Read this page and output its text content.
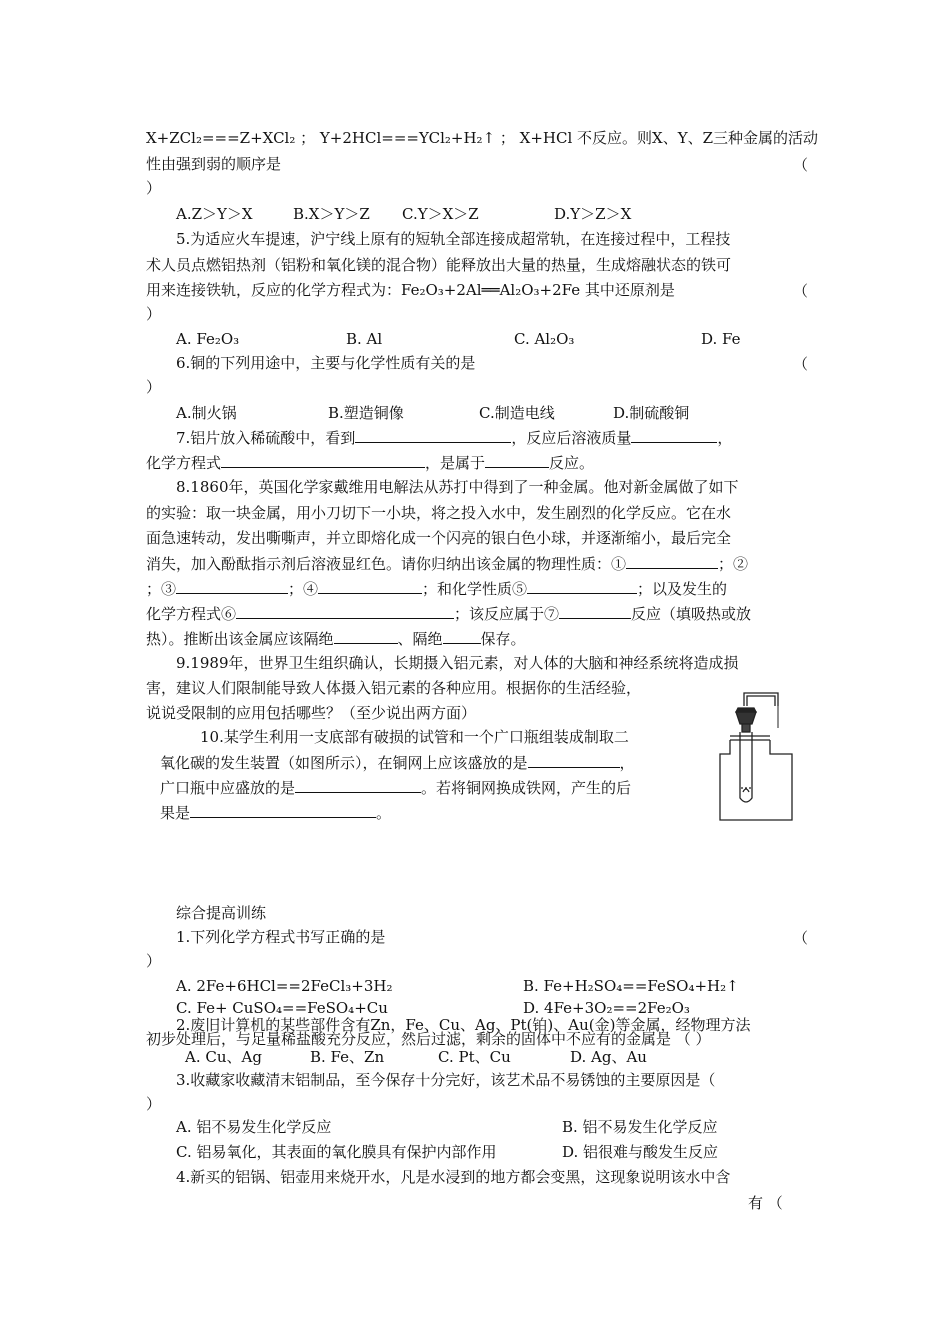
X+ZCl₂===Z+XCl₂ ； Y+2HCl===YCl₂+H₂↑ ； X+HCl 不反应。则X、Y、Z三种金属的活动
性由强到弱的顺序是	（
）
A.Z＞Y＞X	B.X＞Y＞Z C.Y＞X＞Z	D.Y＞Z＞X
5.为适应火车提速，沪宁线上原有的短轨全部连接成超常轨，在连接过程中，工程技
术人员点燃铝热剂（铝粉和氧化镁的混合物）能释放出大量的热量，生成熔融状态的铁可
用来连接铁轨，反应的化学方程式为：Fe₂O₃+2Al══Al₂O₃+2Fe 其中还原剂是	（
）
A. Fe₂O₃	B. Al	C. Al₂O₃	D. Fe
6.铜的下列用途中，主要与化学性质有关的是	（
）
A.制火锅	B.塑造铜像	C.制造电线	D.制硫酸铜
7.铝片放入稀硫酸中，看到	，反应后溶液质量	，
化学方程式	，是属于	反应。
8.1860年，英国化学家戴维用电解法从苏打中得到了一种金属。他对新金属做了如下
的实验：取一块金属，用小刀切下一小块，将之投入水中，发生剧烈的化学反应。它在水
面急速转动，发出嘶嘶声，并立即熔化成一个闪亮的银白色小球，并逐渐缩小，最后完全
消失，加入酚酞指示剂后溶液显红色。请你归纳出该金属的物理性质：①	；②
；③	；④	；和化学性质⑤	；以及发生的
化学方程式⑥	；该反应属于⑦	反应（填吸热或放
热）。推断出该金属应该隔绝	、隔绝	保存。
9.1989年，世界卫生组织确认，长期摄入铝元素，对人体的大脑和神经系统将造成损
害，建议人们限制能导致人体摄入铝元素的各种应用。根据你的生活经验，
说说受限制的应用包括哪些？（至少说出两方面）
10.某学生利用一支底部有破损的试管和一个广口瓶组装成制取二
氧化碳的发生装置（如图所示），在铜网上应该盛放的是	，
广口瓶中应盛放的是	。若将铜网换成铁网，产生的后
果是	。
综合提高训练
1.下列化学方程式书写正确的是	（
）
A. 2Fe+6HCl==2FeCl₃+3H₂	B. Fe+H₂SO₄==FeSO₄+H₂↑
C. Fe+ CuSO₄==FeSO₄+Cu	D. 4Fe+3O₂==2Fe₂O₃
2.废旧计算机的某些部件含有Zn，Fe、Cu、Ag、Pt(铂)、Au(金)等金属，经物理方法
初步处理后，与足量稀盐酸充分反应，然后过滤，剩余的固体中不应有的金属是 （ ）
A. Cu、Ag	B. Fe、Zn	C. Pt、Cu	D. Ag、Au
3.收藏家收藏清末铝制品，至今保存十分完好，该艺术品不易锈蚀的主要原因是（
）
A. 铝不易发生化学反应	B. 铝不易发生化学反应
C. 铝易氧化，其表面的氧化膜具有保护内部作用	D. 铝很难与酸发生反应
4.新买的铝锅、铝壶用来烧开水，凡是水浸到的地方都会变黑，这现象说明该水中含
有 （
